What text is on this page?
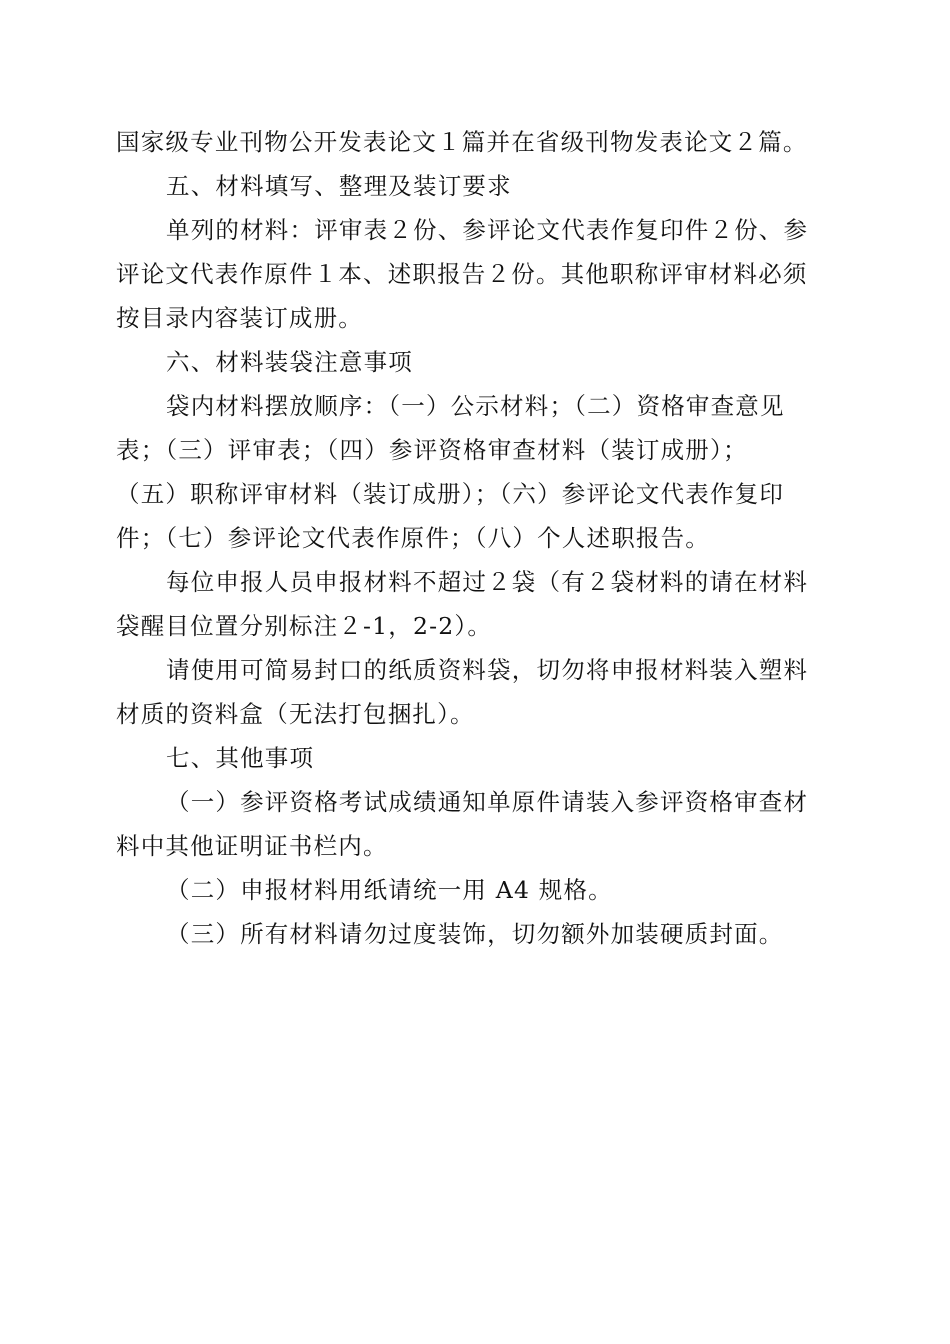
国家级专业刊物公开发表论文１篇并在省级刊物发表论文２篇。
五、材料填写、整理及装订要求
单列的材料：评审表２份、参评论文代表作复印件２份、参
评论文代表作原件１本、述职报告２份。其他职称评审材料必须
按目录内容装订成册。
六、材料装袋注意事项
袋内材料摆放顺序：（一）公示材料；（二）资格审查意见
表；（三）评审表；（四）参评资格审查材料（装订成册）；
（五）职称评审材料（装订成册）；（六）参评论文代表作复印
件；（七）参评论文代表作原件；（八）个人述职报告。
每位申报人员申报材料不超过２袋（有２袋材料的请在材料
袋醒目位置分别标注２-1，2-2）。
请使用可简易封口的纸质资料袋，切勿将申报材料装入塑料
材质的资料盒（无法打包捆扎）。
七、其他事项
（一）参评资格考试成绩通知单原件请装入参评资格审查材
料中其他证明证书栏内。
（二）申报材料用纸请统一用 A4 规格。
（三）所有材料请勿过度装饰，切勿额外加装硬质封面。
